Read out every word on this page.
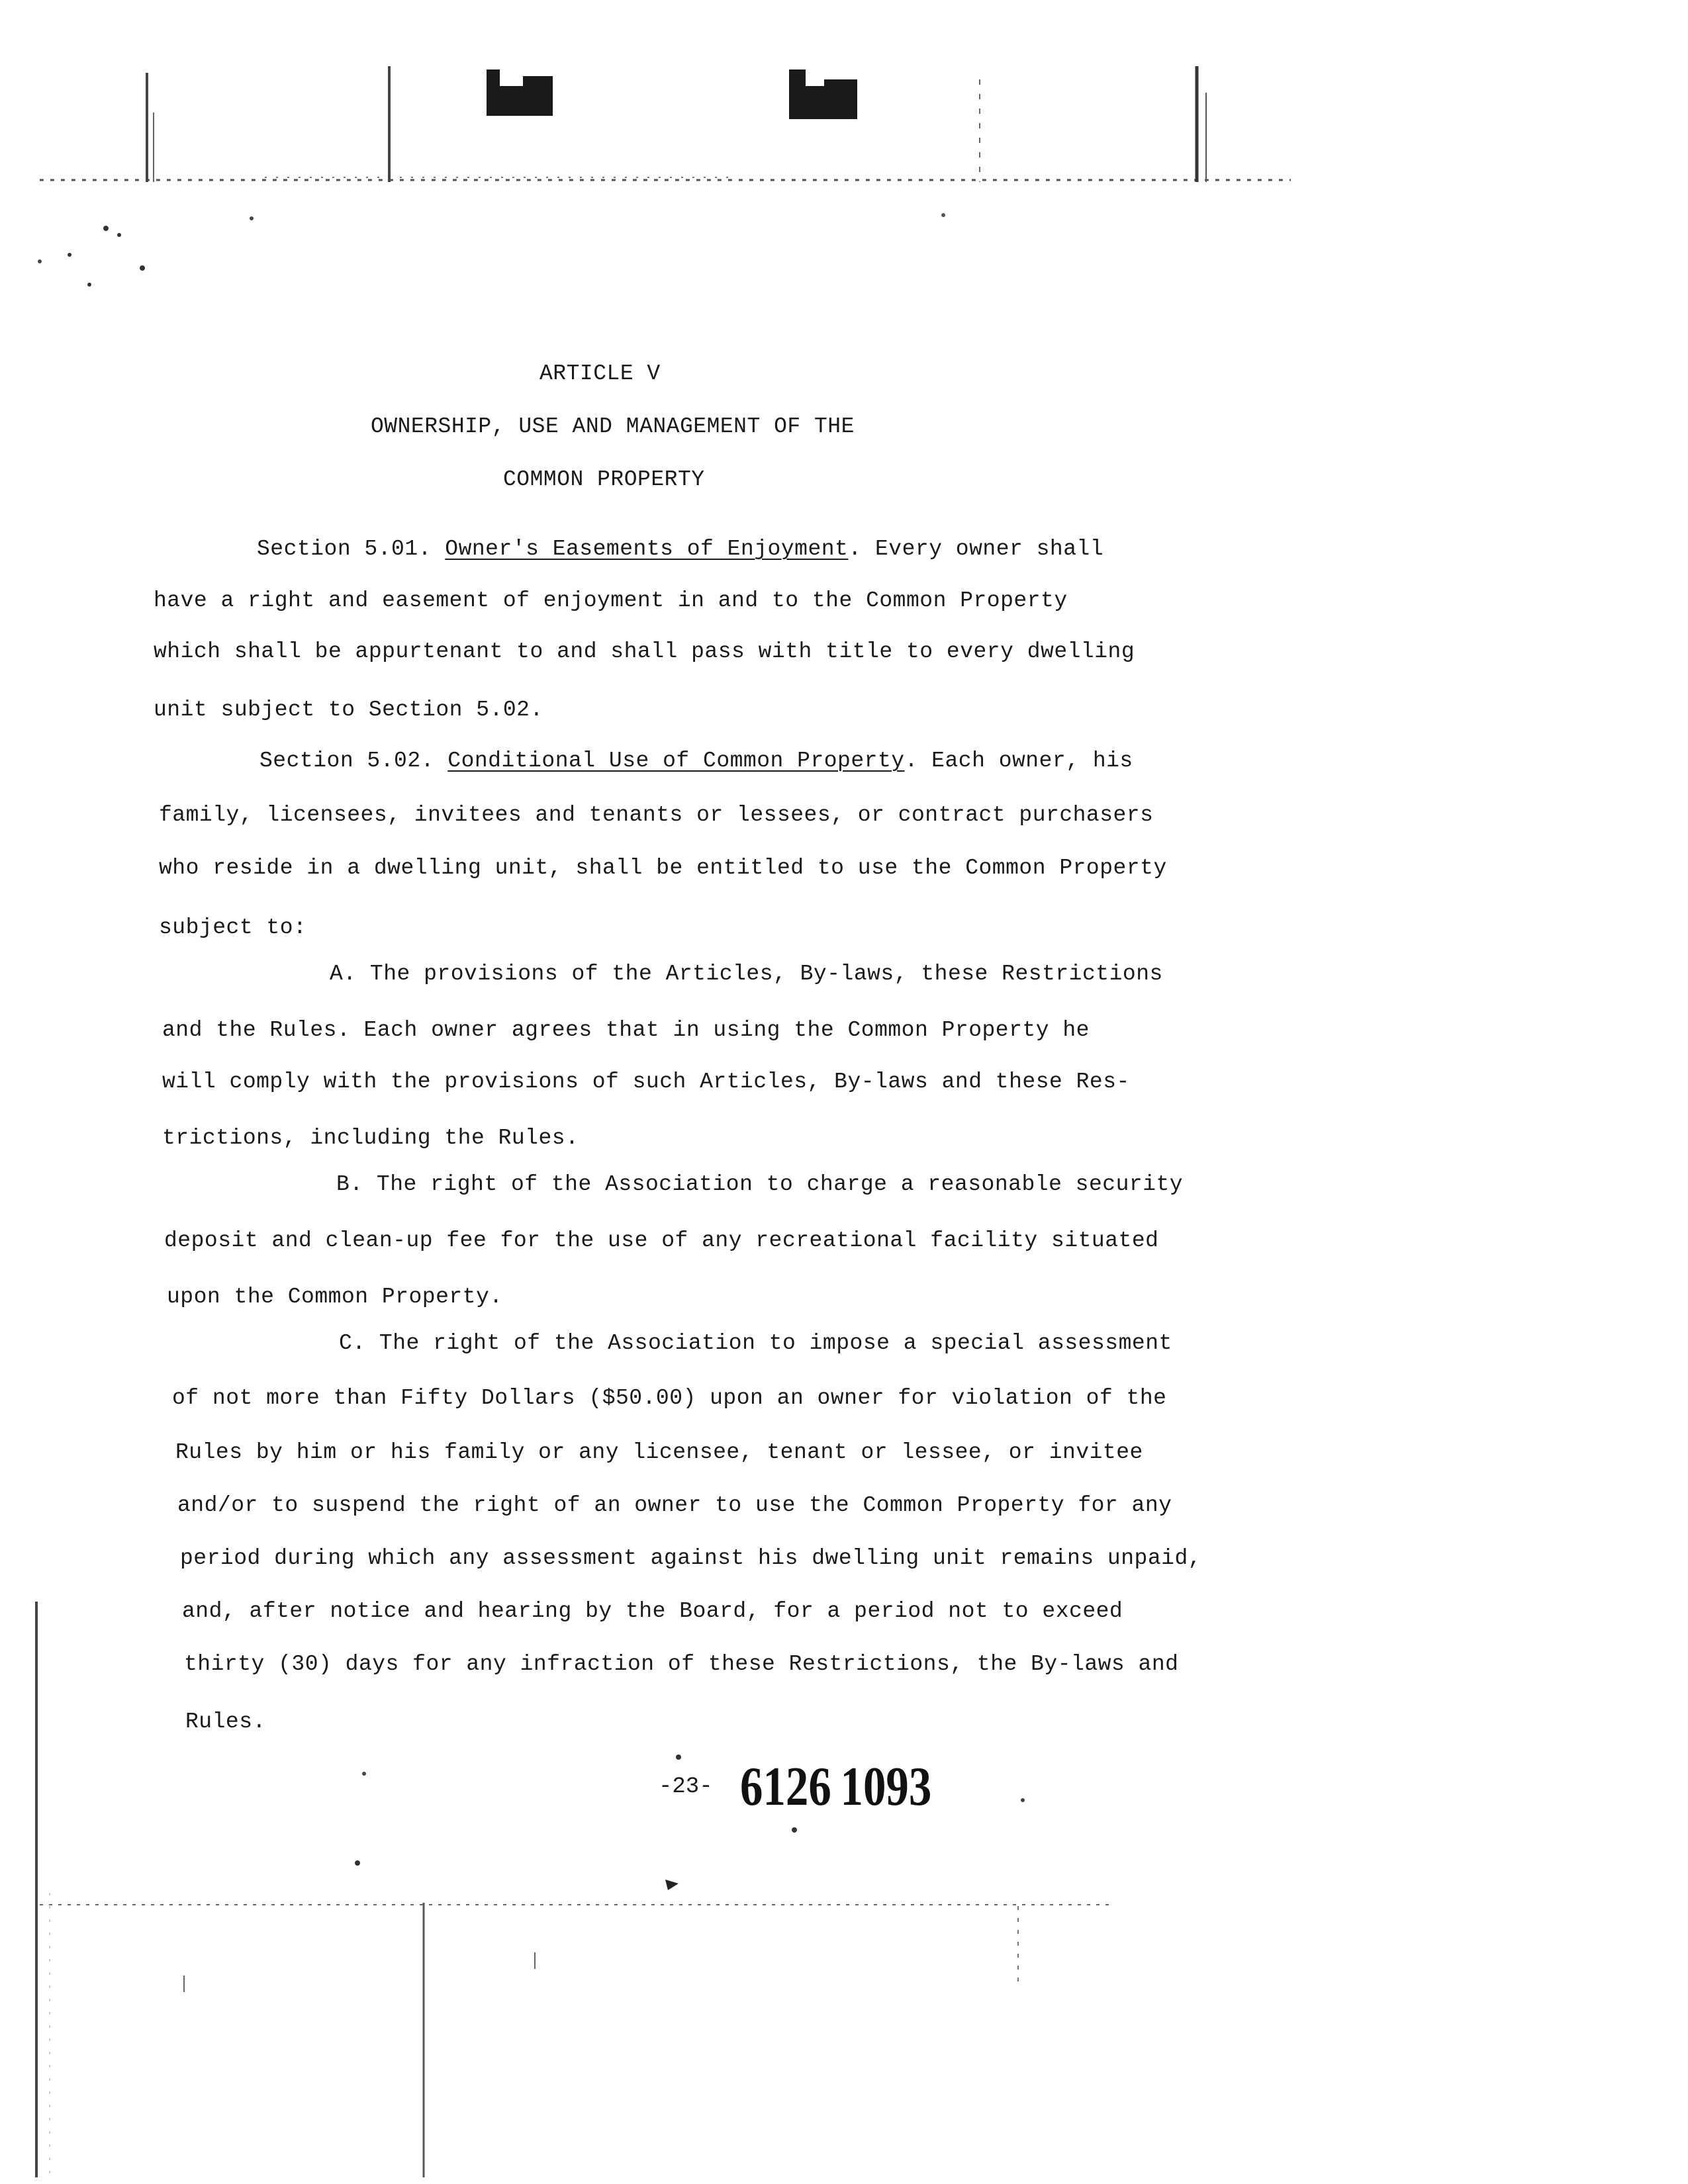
ARTICLE V

OWNERSHIP, USE AND MANAGEMENT OF THE

COMMON PROPERTY

Section 5.01. Owner's Easements of Enjoyment. Every owner shall

have a right and easement of enjoyment in and to the Common Property

which shall be appurtenant to and shall pass with title to every dwelling

unit subject to Section 5.02.

Section 5.02. Conditional Use of Common Property. Each owner, his

family, licensees, invitees and tenants or lessees, or contract purchasers

who reside in a dwelling unit, shall be entitled to use the Common Property

subject to:

A. The provisions of the Articles, By-laws, these Restrictions

and the Rules. Each owner agrees that in using the Common Property he

will comply with the provisions of such Articles, By-laws and these Res-

trictions, including the Rules.

B. The right of the Association to charge a reasonable security

deposit and clean-up fee for the use of any recreational facility situated

upon the Common Property.

C. The right of the Association to impose a special assessment

of not more than Fifty Dollars ($50.00) upon an owner for violation of the

Rules by him or his family or any licensee, tenant or lessee, or invitee

and/or to suspend the right of an owner to use the Common Property for any

period during which any assessment against his dwelling unit remains unpaid,

and, after notice and hearing by the Board, for a period not to exceed

thirty (30) days for any infraction of these Restrictions, the By-laws and

Rules.

-23- 6126 1093
